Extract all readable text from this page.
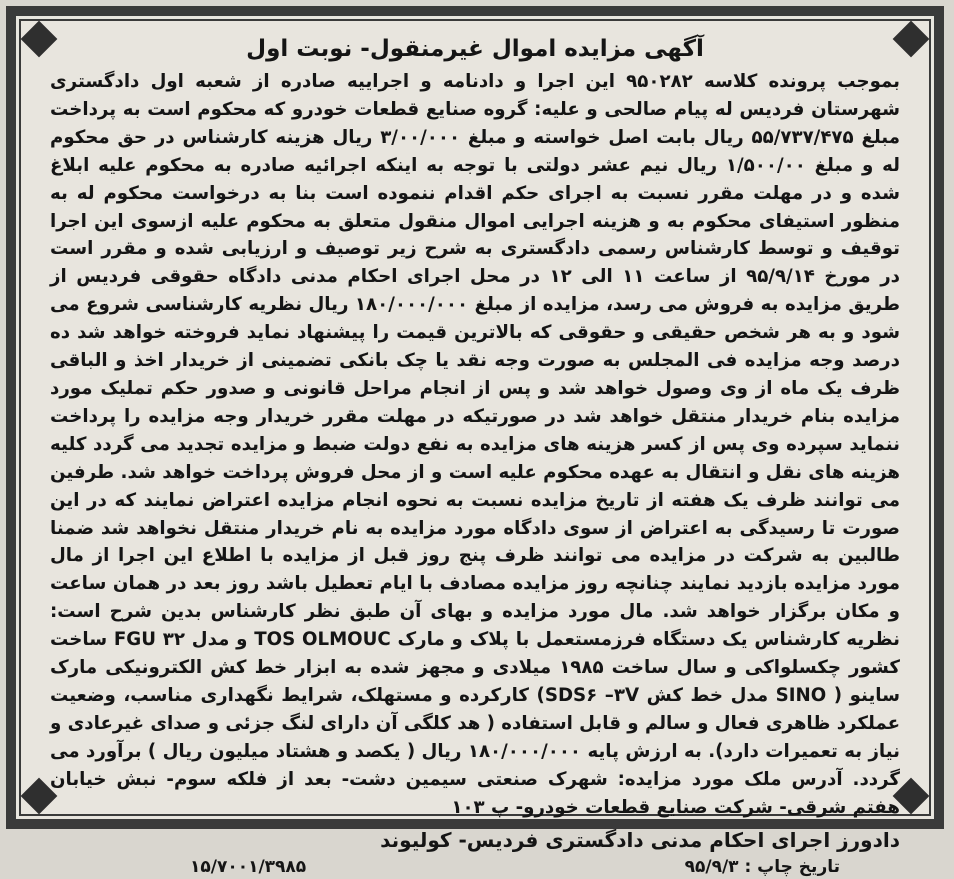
آگهی مزایده اموال غیرمنقول- نوبت اول

بموجب پرونده کلاسه ۹۵۰۲۸۲ این اجرا و دادنامه و اجراییه صادره از شعبه اول دادگستری شهرستان فردیس له پیام صالحی و علیه: گروه صنایع قطعات خودرو که محکوم است به پرداخت مبلغ ۵۵/۷۳۷/۴۷۵ ریال بابت اصل خواسته و مبلغ ۳/۰۰/۰۰۰ ریال هزینه کارشناس در حق محکوم له و مبلغ ۱/۵۰۰/۰۰ ریال نیم عشر دولتی با توجه به اینکه اجرائیه صادره به محکوم علیه ابلاغ شده و در مهلت مقرر نسبت به اجرای حکم اقدام ننموده است بنا به درخواست محکوم له به منظور استیفای محکوم به و هزینه اجرایی اموال منقول متعلق به محکوم علیه ازسوی این اجرا توقیف و توسط کارشناس رسمی دادگستری به شرح زیر توصیف و ارزیابی شده و مقرر است در مورخ ۹۵/۹/۱۴ از ساعت ۱۱ الی ۱۲ در محل اجرای احکام مدنی دادگاه حقوقی فردیس از طریق مزایده به فروش می رسد، مزایده از مبلغ ۱۸۰/۰۰۰/۰۰۰ ریال نظریه کارشناسی شروع می شود و به هر شخص حقیقی و حقوقی که بالاترین قیمت را پیشنهاد نماید فروخته خواهد شد ده درصد وجه مزایده فی المجلس به صورت وجه نقد یا چک بانکی تضمینی از خریدار اخذ و الباقی ظرف یک ماه از وی وصول خواهد شد و پس از انجام مراحل قانونی و صدور حکم تملیک مورد مزایده بنام خریدار منتقل خواهد شد در صورتیکه در مهلت مقرر خریدار وجه مزایده را پرداخت ننماید سپرده وی پس از کسر هزینه های مزایده به نفع دولت ضبط و مزایده تجدید می گردد کلیه هزینه های نقل و انتقال به عهده محکوم علیه است و از محل فروش پرداخت خواهد شد. طرفین می توانند ظرف یک هفته از تاریخ مزایده نسبت به نحوه انجام مزایده اعتراض نمایند که در این صورت تا رسیدگی به اعتراض از سوی دادگاه مورد مزایده به نام خریدار منتقل نخواهد شد ضمنا طالبین به شرکت در مزایده می توانند ظرف پنج روز قبل از مزایده با اطلاع این اجرا از مال مورد مزایده بازدید نمایند چنانچه روز مزایده مصادف با ایام تعطیل باشد روز بعد در همان ساعت و مکان برگزار خواهد شد. مال مورد مزایده و بهای آن طبق نظر کارشناس بدین شرح است: نظریه کارشناس یک دستگاه فرزمستعمل با پلاک و مارک TOS OLMOUC و مدل FGU ۳۲ ساخت کشور چکسلواکی و سال ساخت ۱۹۸۵ میلادی و مجهز شده به ابزار خط کش الکترونیکی مارک ساینو ( SINO مدل خط کش SDS۶ –۳V) کارکرده و مستهلک، شرایط نگهداری مناسب، وضعیت عملکرد ظاهری فعال و سالم و قابل استفاده ( هد کلگی آن دارای لنگ جزئی و صدای غیرعادی و نیاز به تعمیرات دارد). به ارزش پایه ۱۸۰/۰۰۰/۰۰۰ ریال ( یکصد و هشتاد میلیون ریال ) برآورد می گردد. آدرس ملک مورد مزایده: شهرک صنعتی سیمین دشت- بعد از فلکه سوم- نبش خیابان هفتم شرقی- شرکت صنایع قطعات خودرو- پ ۱۰۳

دادورز اجرای احکام مدنی دادگستری فردیس- کولیوند
تاریخ چاپ : ۹۵/۹/۳
۱۵/۷۰۰۱/۳۹۸۵
